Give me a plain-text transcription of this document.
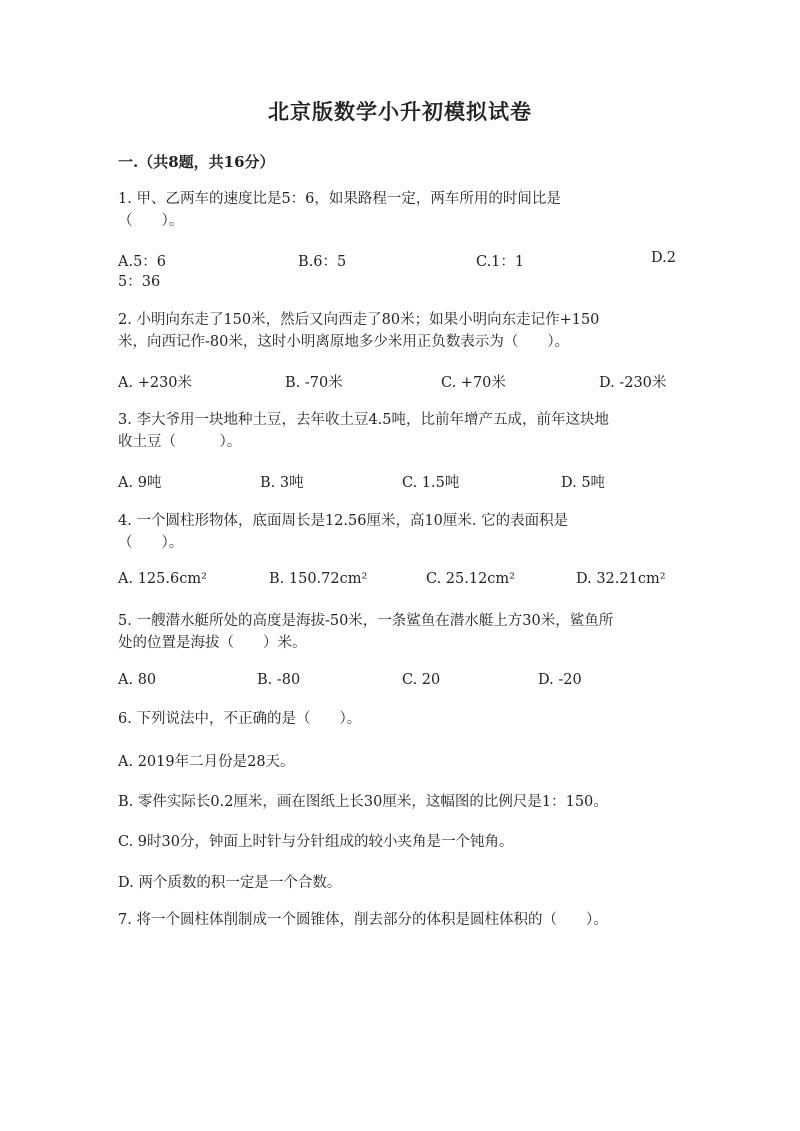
北京版数学小升初模拟试卷
一.（共8题，共16分）
1. 甲、乙两车的速度比是5：6，如果路程一定，两车所用的时间比是
（　　）。
A.5：6	B.6：5	C.1：1	D.2
5：36
2. 小明向东走了150米，然后又向西走了80米；如果小明向东走记作+150
米，向西记作-80米，这时小明离原地多少米用正负数表示为（　　）。
A. +230米	B. -70米	C. +70米	D. -230米
3. 李大爷用一块地种土豆，去年收土豆4.5吨，比前年增产五成，前年这块地
收土豆（　　　）。
A. 9吨	B. 3吨	C. 1.5吨	D. 5吨
4. 一个圆柱形物体，底面周长是12.56厘米，高10厘米. 它的表面积是
（　　）。
A. 125.6cm²	B. 150.72cm²	C. 25.12cm²	D. 32.21cm²
5. 一艘潜水艇所处的高度是海拔-50米，一条鲨鱼在潜水艇上方30米，鲨鱼所
处的位置是海拔（　　）米。
A. 80	B. -80	C. 20	D. -20
6. 下列说法中，不正确的是（　　）。
A. 2019年二月份是28天。
B. 零件实际长0.2厘米，画在图纸上长30厘米，这幅图的比例尺是1：150。
C. 9时30分，钟面上时针与分针组成的较小夹角是一个钝角。
D. 两个质数的积一定是一个合数。
7. 将一个圆柱体削制成一个圆锥体，削去部分的体积是圆柱体积的（　　）。
